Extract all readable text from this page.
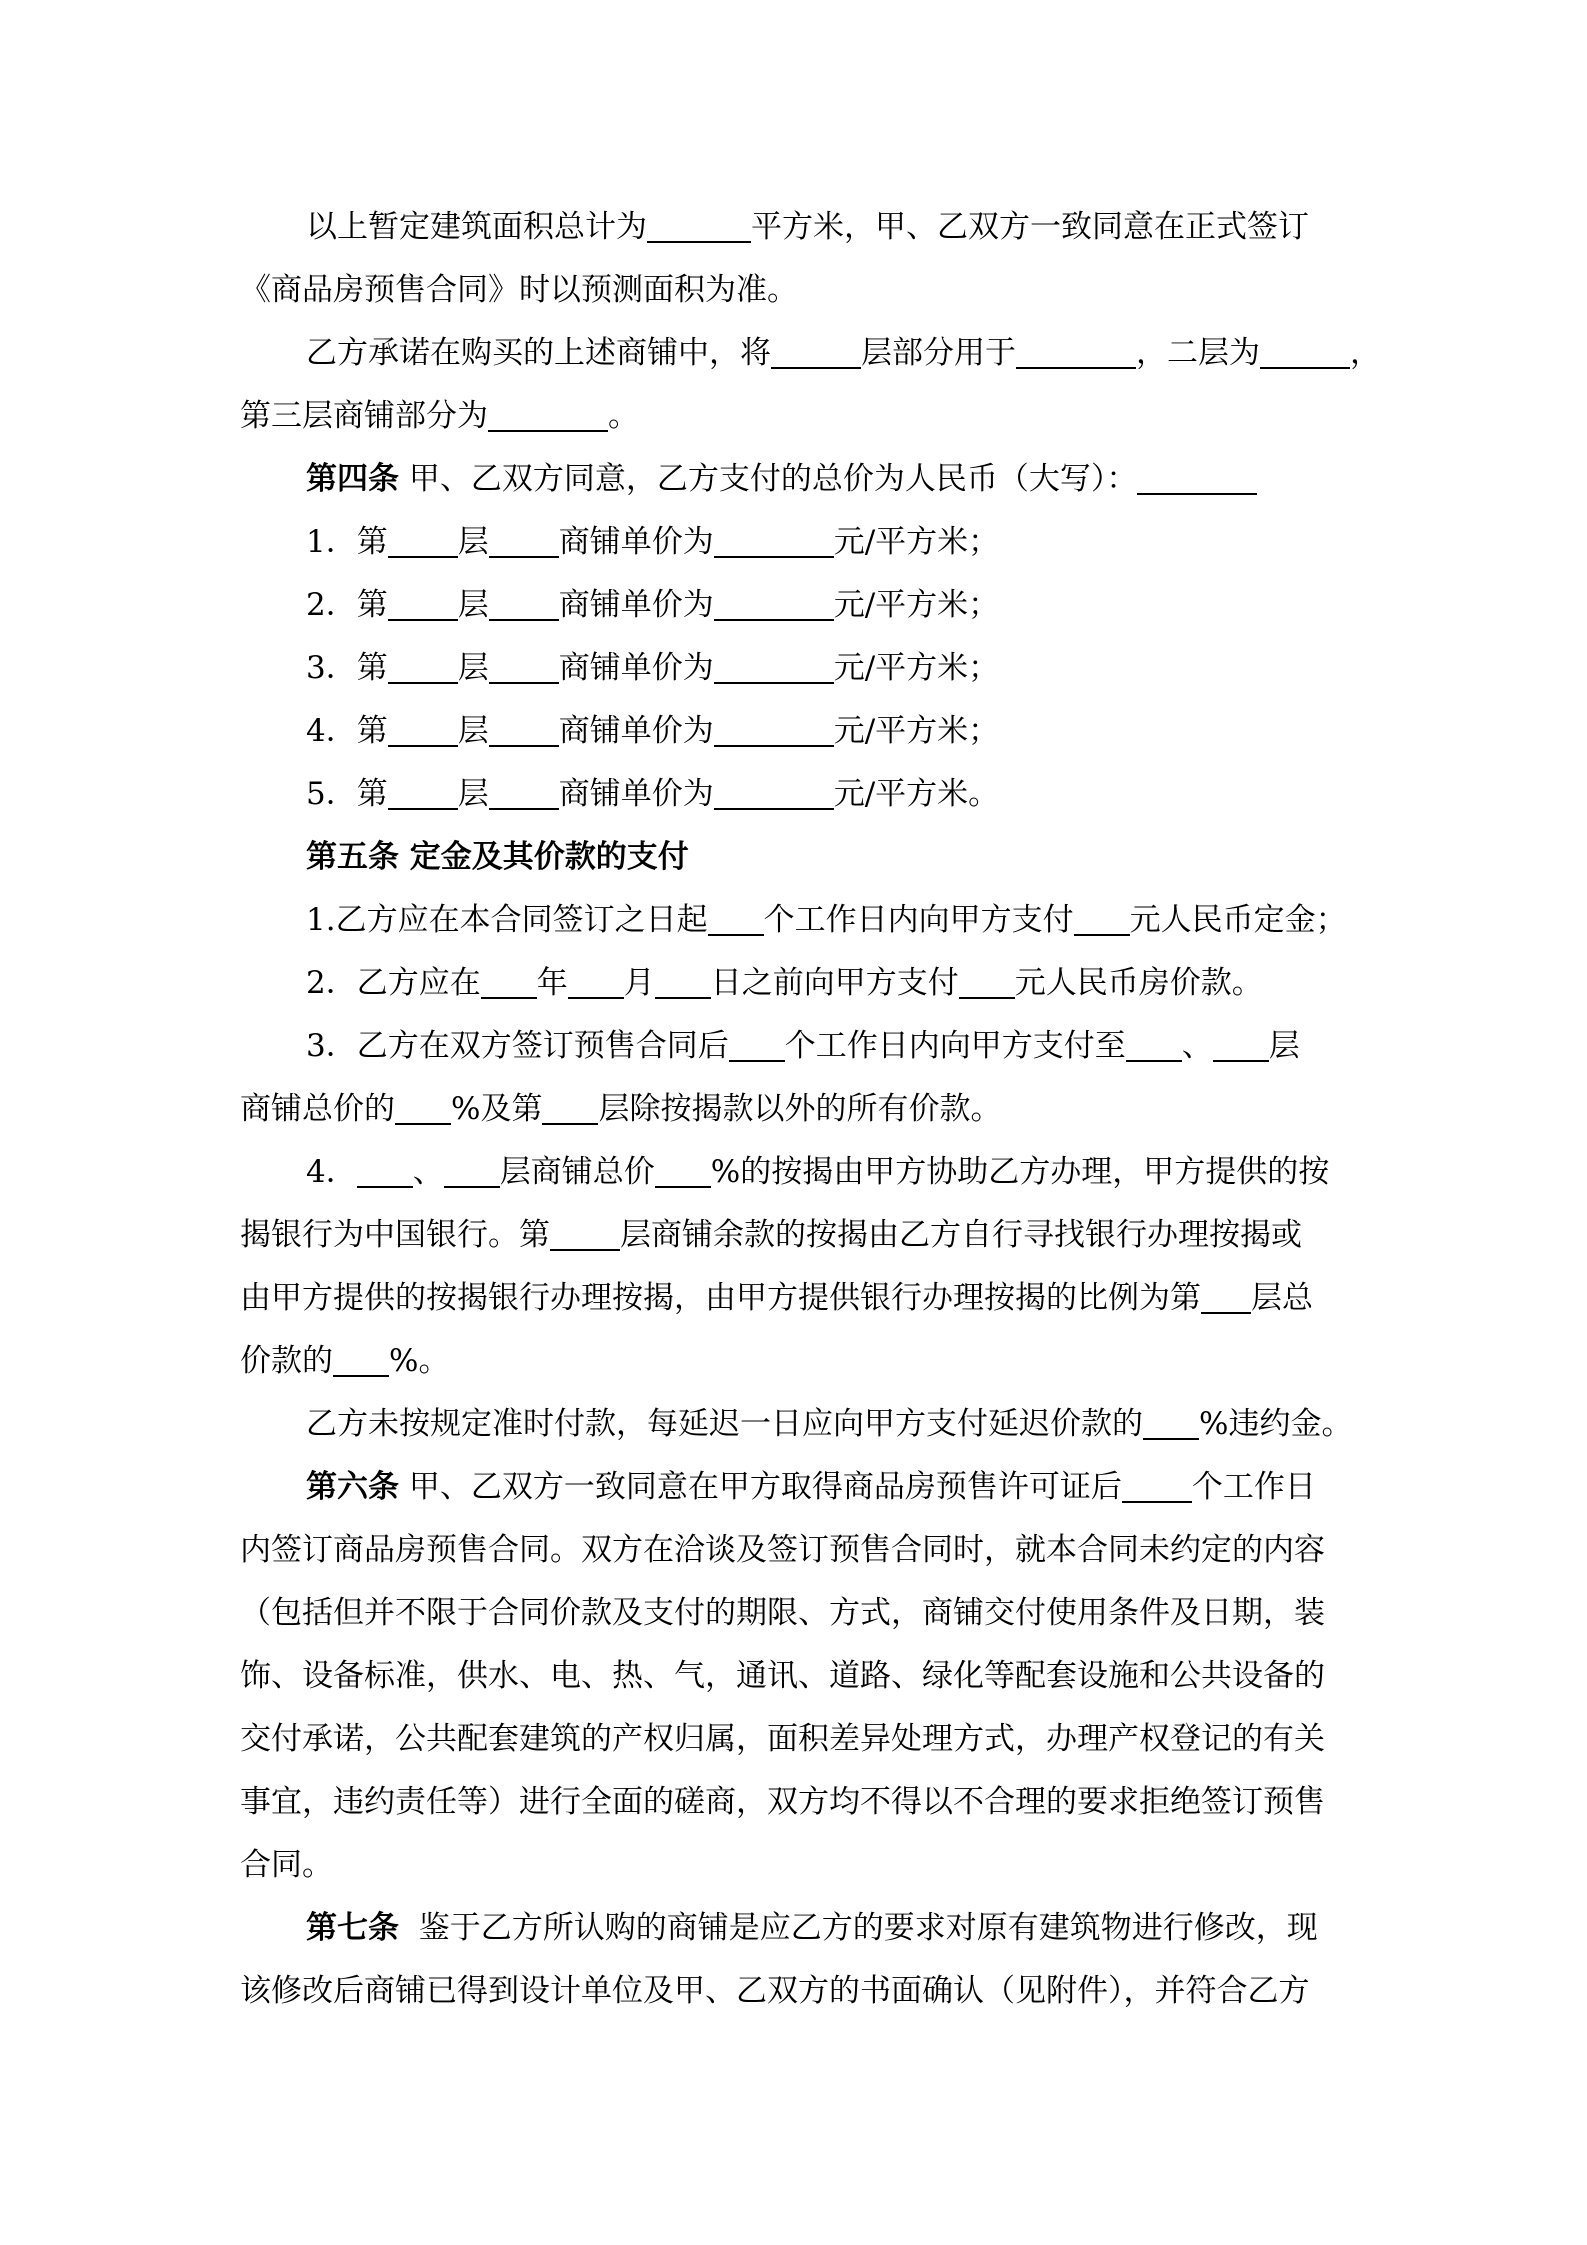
以上暂定建筑面积总计为	平方米，甲、乙双方一致同意在正式签订
《商品房预售合同》时以预测面积为准。
乙方承诺在购买的上述商铺中，将	层部分用于	，二层为	，
第三层商铺部分为	。
第四条 甲、乙双方同意，乙方支付的总价为人民币（大写）：
1．第 层 商铺单价为	元/平方米；
2．第 层 商铺单价为	元/平方米；
3．第 层 商铺单价为	元/平方米；
4．第 层 商铺单价为	元/平方米；
5．第 层 商铺单价为	元/平方米。
第五条 定金及其价款的支付
1.乙方应在本合同签订之日起 个工作日内向甲方支付 元人民币定金；
2．乙方应在 年 月 日之前向甲方支付 元人民币房价款。
3．乙方在双方签订预售合同后 个工作日内向甲方支付至 、 层
商铺总价的 %及第 层除按揭款以外的所有价款。
4． 、 层商铺总价 %的按揭由甲方协助乙方办理，甲方提供的按
揭银行为中国银行。第 层商铺余款的按揭由乙方自行寻找银行办理按揭或
由甲方提供的按揭银行办理按揭，由甲方提供银行办理按揭的比例为第 层总
价款的 %。
乙方未按规定准时付款，每延迟一日应向甲方支付延迟价款的 %违约金。
第六条 甲、乙双方一致同意在甲方取得商品房预售许可证后 个工作日
内签订商品房预售合同。双方在洽谈及签订预售合同时，就本合同未约定的内容
（包括但并不限于合同价款及支付的期限、方式，商铺交付使用条件及日期，装
饰、设备标准，供水、电、热、气，通讯、道路、绿化等配套设施和公共设备的
交付承诺，公共配套建筑的产权归属，面积差异处理方式，办理产权登记的有关
事宜，违约责任等）进行全面的磋商，双方均不得以不合理的要求拒绝签订预售
合同。
第七条 鉴于乙方所认购的商铺是应乙方的要求对原有建筑物进行修改，现
该修改后商铺已得到设计单位及甲、乙双方的书面确认（见附件），并符合乙方
